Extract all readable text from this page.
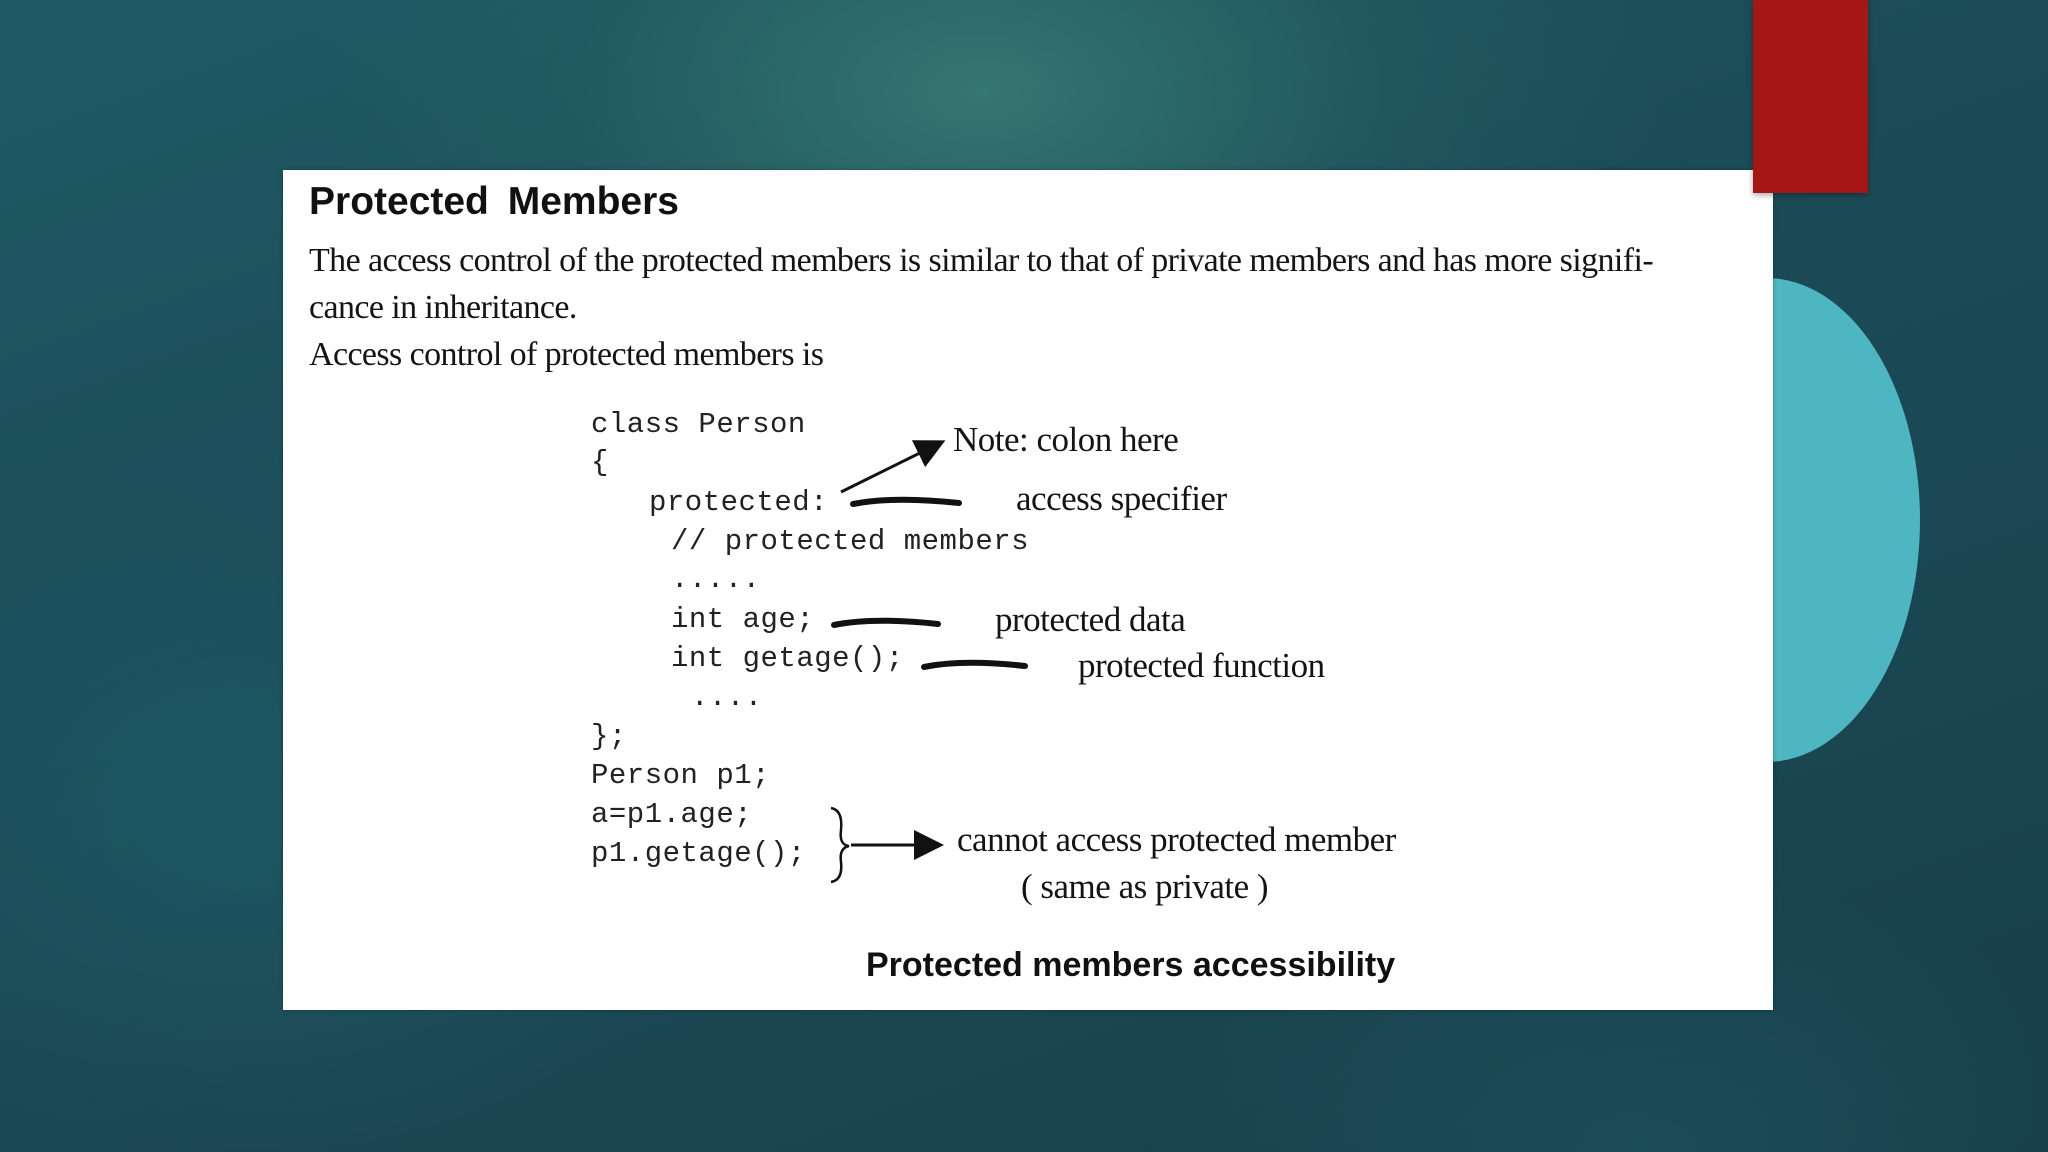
Protected Members
The access control of the protected members is similar to that of private members and has more signifi-
cance in inheritance.
Access control of protected members is
class Person
{
protected:
// protected members
.....
int age;
int getage();
....
};
Person p1;
a=p1.age;
p1.getage();
Note: colon here
access specifier
protected data
protected function
cannot access protected member
( same as private )
Protected members accessibility
